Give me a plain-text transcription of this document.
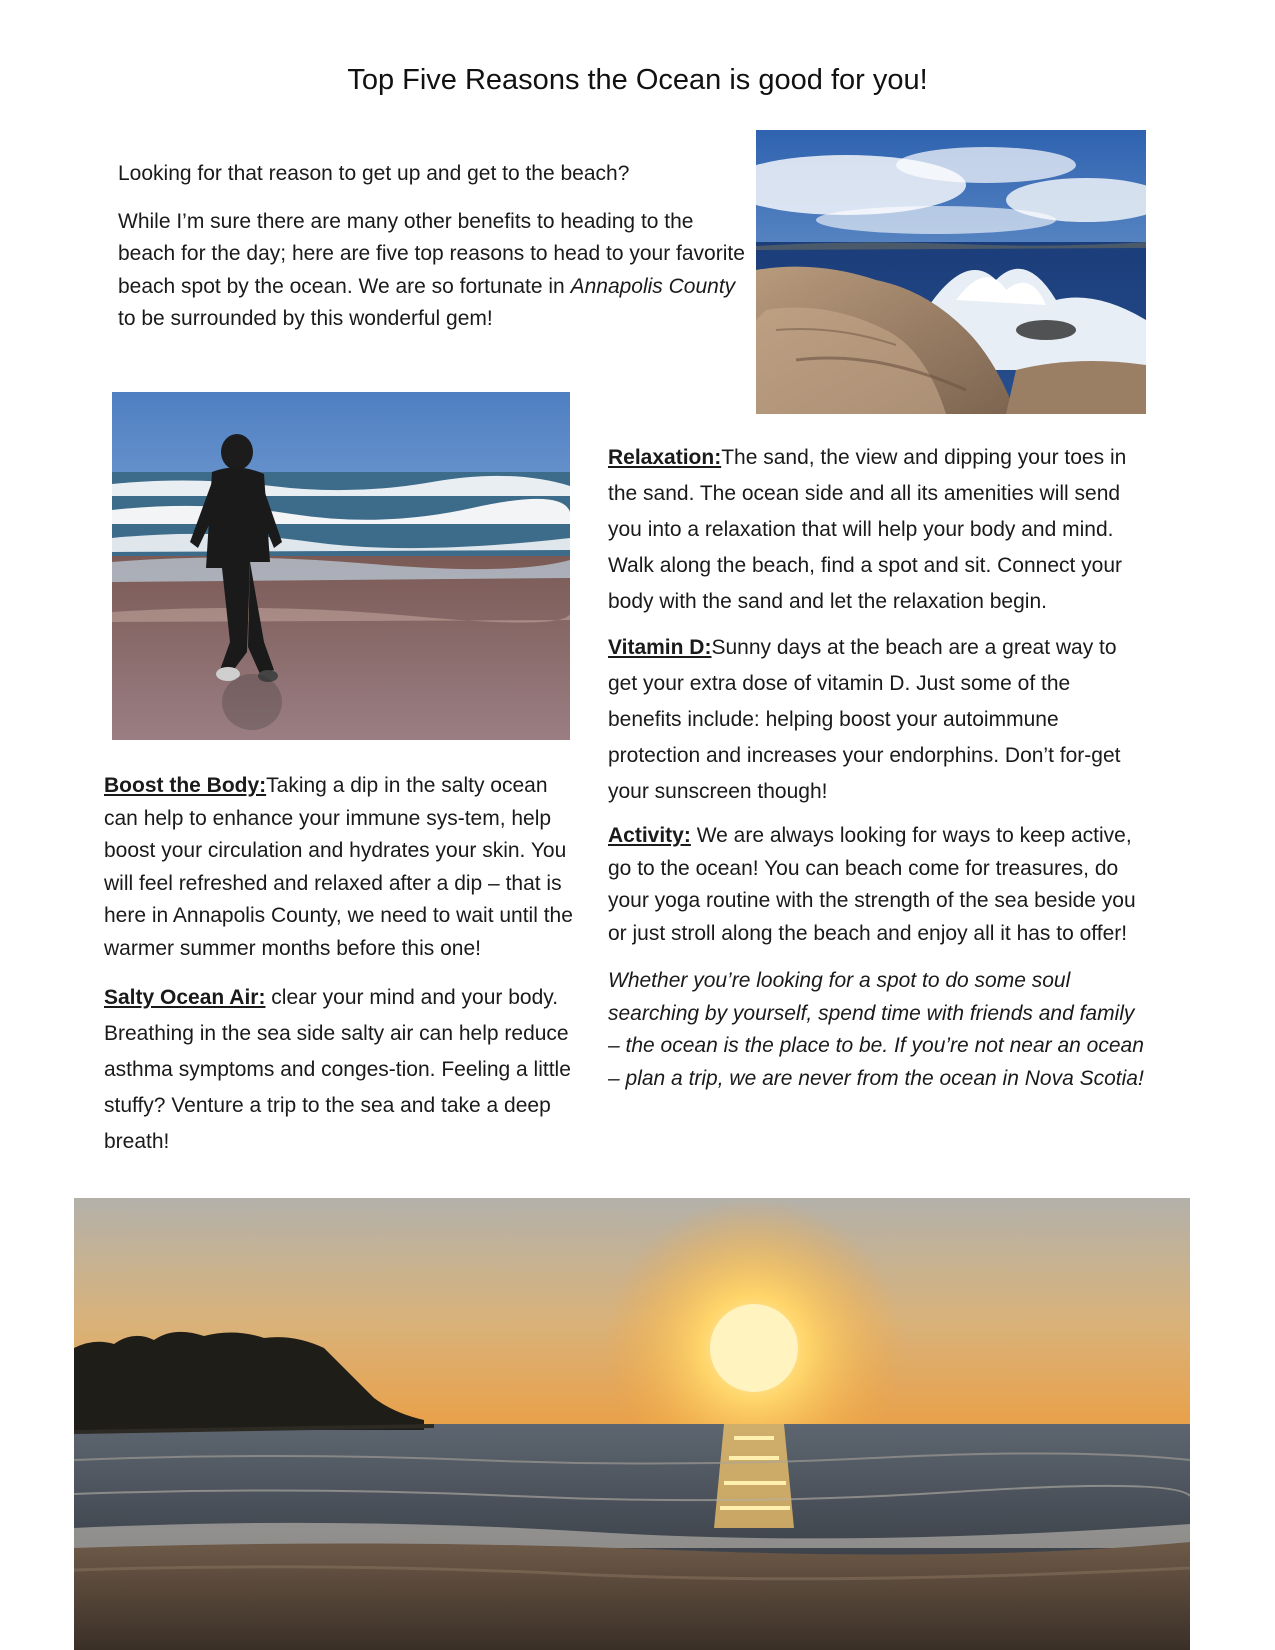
Top Five Reasons the Ocean is good for you!

Looking for that reason to get up and get to the beach?

While I’m sure there are many other benefits to heading to the beach for the day; here are five top reasons to head to your favorite beach spot by the ocean. We are so fortunate in Annapolis County to be surrounded by this wonderful gem!

Relaxation:The sand, the view and dipping your toes in the sand. The ocean side and all its amenities will send you into a relaxation that will help your body and mind. Walk along the beach, find a spot and sit. Connect your body with the sand and let the relaxation begin.

Vitamin D:Sunny days at the beach are a great way to get your extra dose of vitamin D. Just some of the benefits include: helping boost your autoimmune protection and increases your endorphins. Don’t for-get your sunscreen though!

Activity: We are always looking for ways to keep active, go to the ocean! You can beach come for treasures, do your yoga routine with the strength of the sea beside you or just stroll along the beach and enjoy all it has to offer!

Whether you’re looking for a spot to do some soul searching by yourself, spend time with friends and family – the ocean is the place to be. If you’re not near an ocean – plan a trip, we are never from the ocean in Nova Scotia!

Boost the Body:Taking a dip in the salty ocean can help to enhance your immune sys-tem, help boost your circulation and hydrates your skin. You will feel refreshed and relaxed after a dip – that is here in Annapolis County, we need to wait until the warmer summer months before this one!

Salty Ocean Air: clear your mind and your body. Breathing in the sea side salty air can help reduce asthma symptoms and conges-tion. Feeling a little stuffy? Venture a trip to the sea and take a deep breath!
